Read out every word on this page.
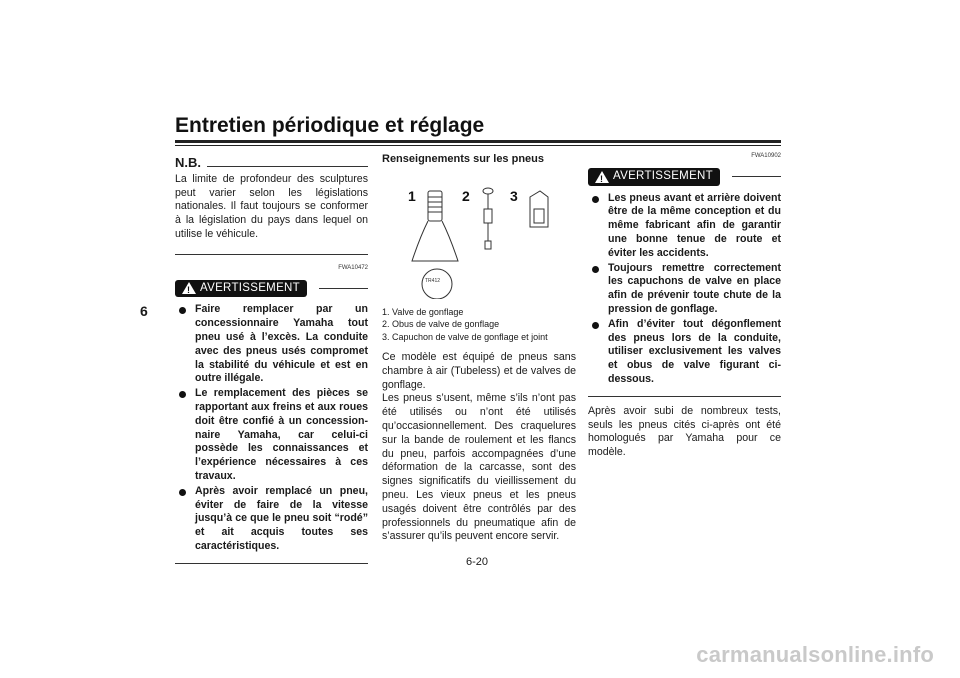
Entretien périodique et réglage
6
N.B.

La limite de profondeur des sculptures peut varier selon les législations nationales. Il faut toujours se conformer à la législation du pays dans lequel on utilise le véhicule.

FWA10472
!
AVERTISSEMENT
Faire remplacer par un concessionnaire Yamaha tout pneu usé à l’excès. La conduite avec des pneus usés compromet la stabilité du véhicule et est en outre illégale.
Le remplacement des pièces se rapportant aux freins et aux roues doit être confié à un concessionnaire Yamaha, car celui-ci possède les connaissances et l’expérience nécessaires à ces travaux.
Après avoir remplacé un pneu, éviter de faire de la vitesse jusqu’à ce que le pneu soit “rodé” et ait acquis toutes ses caractéristiques.
Renseignements sur les pneus
1	2	3
TR412
1. Valve de gonflage
2. Obus de valve de gonflage
3. Capuchon de valve de gonflage et joint

Ce modèle est équipé de pneus sans chambre à air (Tubeless) et de valves de gonflage.

Les pneus s’usent, même s’ils n’ont pas été utilisés ou n’ont été utilisés qu’occasionnellement. Des craquelures sur la bande de roulement et les flancs du pneu, parfois accompagnées d’une déformation de la carcasse, sont des signes significatifs du vieillissement du pneu. Les vieux pneus et les pneus usagés doivent être contrôlés par des professionnels du pneumatique afin de s’assurer qu’ils peuvent encore servir.

FWA10902
!
AVERTISSEMENT
Les pneus avant et arrière doivent être de la même conception et du même fabricant afin de garantir une bonne tenue de route et éviter les accidents.
Toujours remettre correctement les capuchons de valve en place afin de prévenir toute chute de la pression de gonflage.
Afin d’éviter tout dégonflement des pneus lors de la conduite, utiliser exclusivement les valves et obus de valve figurant ci-dessous.

Après avoir subi de nombreux tests, seuls les pneus cités ci-après ont été homologués par Yamaha pour ce modèle.

6-20
carmanualsonline.info
